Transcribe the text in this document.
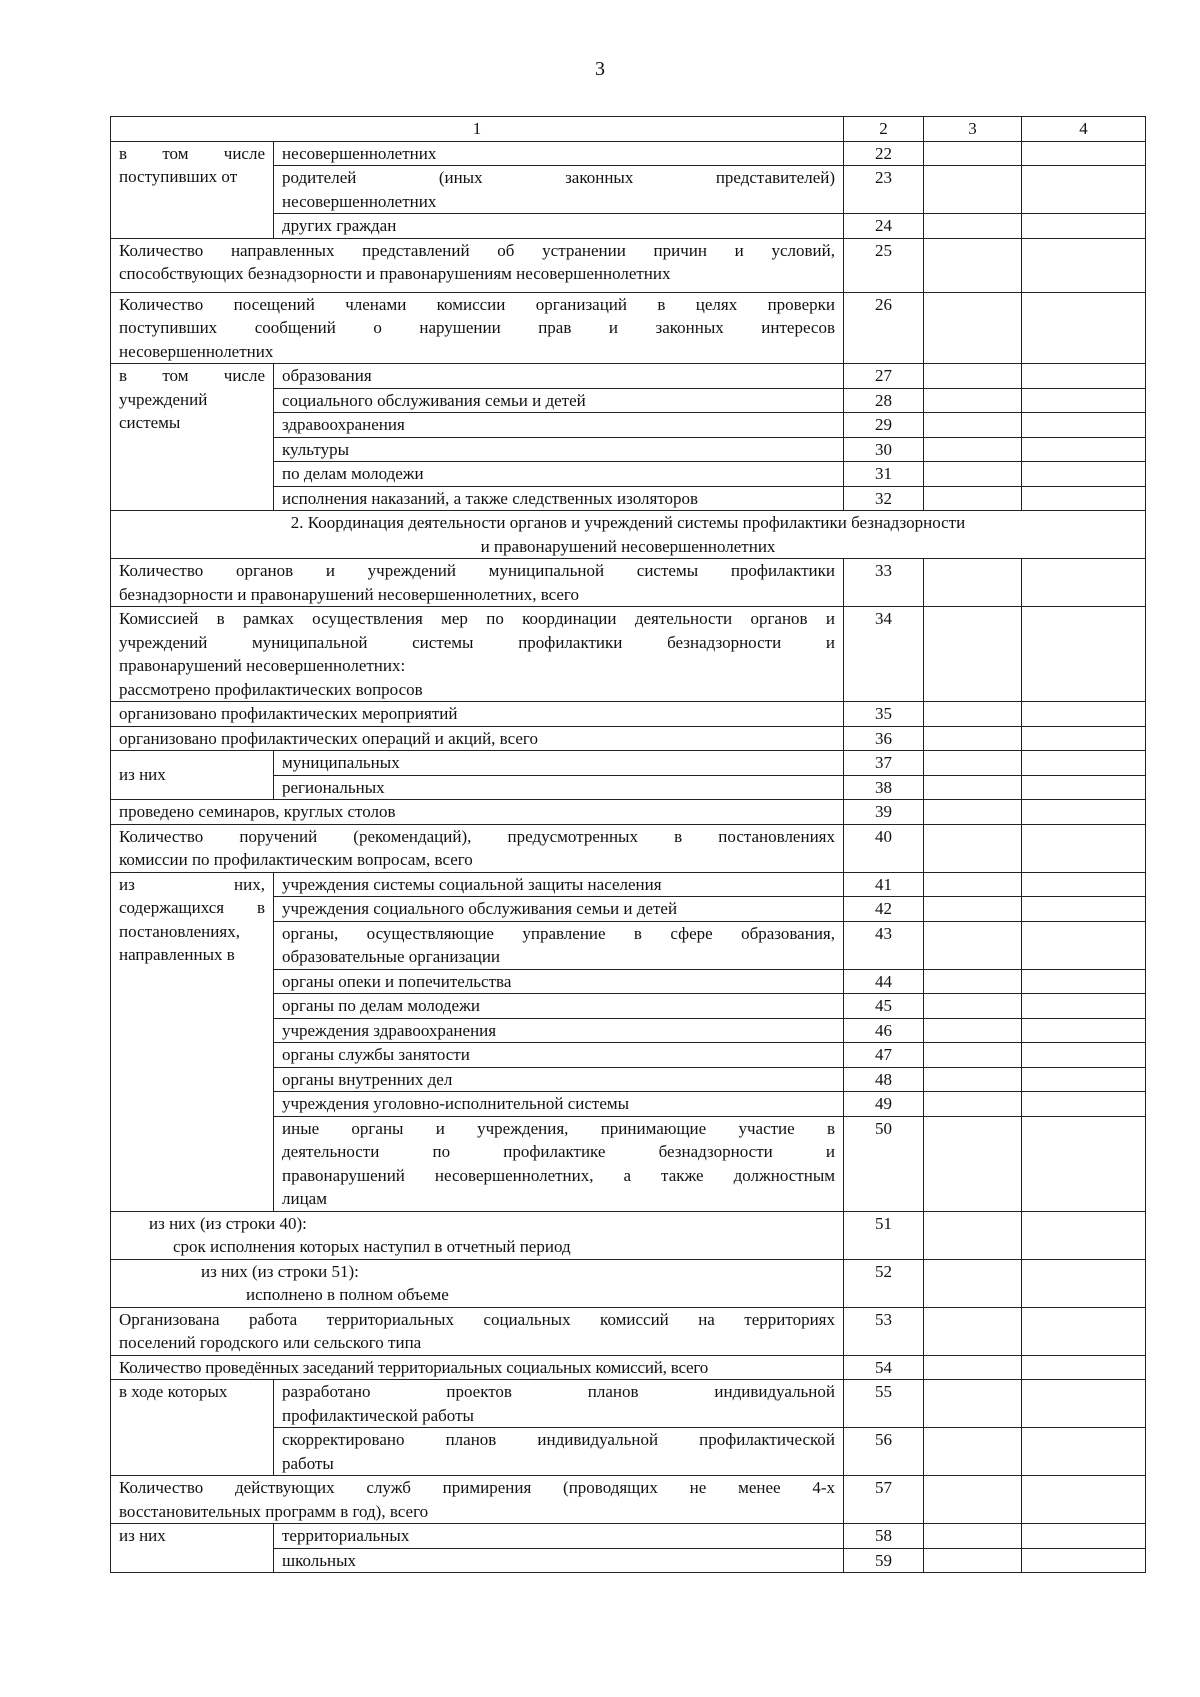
3
1		2	3	4

в том числе
поступивших от	несовершеннолетних	22		

	родителей (иных законных представителей)
несовершеннолетних	23		
	других граждан	24		

Количество направленных представлений об устранении причин и условий,
способствующих безнадзорности и правонарушениям несовершеннолетних		25		

Количество посещений членами комиссии организаций в целях проверки
поступивших сообщений о нарушении прав и законных интересов
несовершеннолетних		26		

в том числе
учреждений
системы	образования	27		
	социального обслуживания семьи и детей	28		
	здравоохранения	29		
	культуры	30		
	по делам молодежи	31		
	исполнения наказаний, а также следственных изоляторов	32		

2. Координация деятельности органов и учреждений системы профилактики безнадзорности
и правонарушений несовершеннолетних				

Количество органов и учреждений муниципальной системы профилактики
безнадзорности и правонарушений несовершеннолетних, всего		33		

Комиссией в рамках осуществления мер по координации деятельности органов и
учреждений муниципальной системы профилактики безнадзорности и
правонарушений несовершеннолетних:
рассмотрено профилактических вопросов		34		
организовано профилактических мероприятий		35		
организовано профилактических операций и акций, всего		36		
из них	муниципальных	37		
	региональных	38		
проведено семинаров, круглых столов		39		

Количество поручений (рекомендаций), предусмотренных в постановлениях
комиссии по профилактическим вопросам, всего		40		

из них,
содержащихся в
постановлениях,
направленных в	учреждения системы социальной защиты населения	41		
	учреждения социального обслуживания семьи и детей	42		

	органы, осуществляющие управление в сфере образования,
образовательные организации	43		
	органы опеки и попечительства	44		
	органы по делам молодежи	45		
	учреждения здравоохранения	46		
	органы службы занятости	47		
	органы внутренних дел	48		
	учреждения уголовно-исполнительной системы	49		

	иные органы и учреждения, принимающие участие в
деятельности по профилактике безнадзорности и
правонарушений несовершеннолетних, а также должностным
лицам	50		

из них (из строки 40):
срок исполнения которых наступил в отчетный период		51		

из них (из строки 51):
исполнено в полном объеме		52		

Организована работа территориальных социальных комиссий на территориях
поселений городского или сельского типа		53		
Количество проведённых заседаний территориальных социальных комиссий, всего		54		
в ходе которых	разработано проектов планов индивидуальной
профилактической работы	55		

	скорректировано планов индивидуальной профилактической
работы	56		

Количество действующих служб примирения (проводящих не менее 4-х
восстановительных программ в год), всего		57		
из них	территориальных	58		
	школьных	59		
